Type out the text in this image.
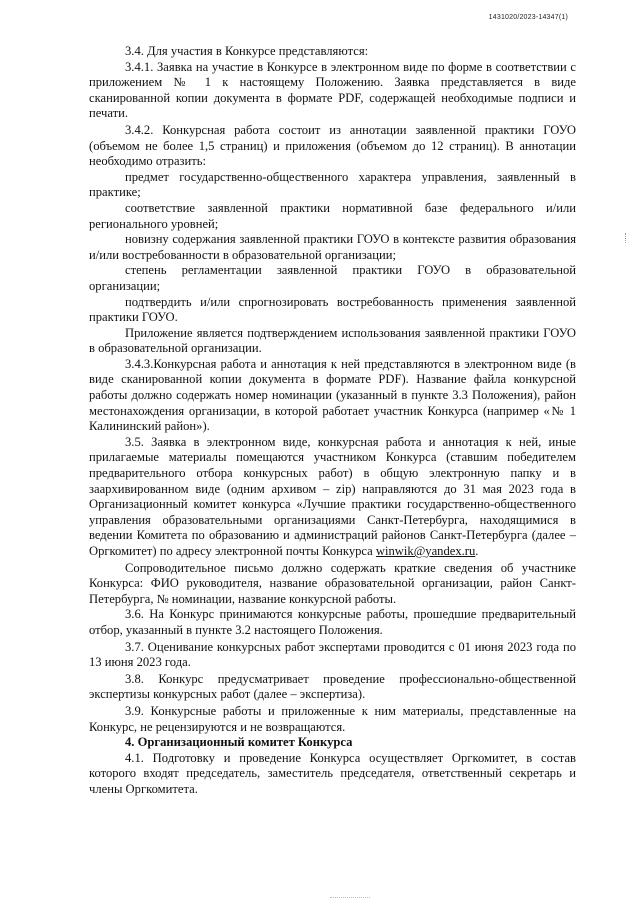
1431020/2023-14347(1)

3.4. Для участия в Конкурсе представляются:

3.4.1. Заявка на участие в Конкурсе в электронном виде по форме в соответствии с приложением № 1 к настоящему Положению. Заявка представляется в виде сканированной копии документа в формате PDF, содержащей необходимые подписи и печати.

3.4.2. Конкурсная работа состоит из аннотации заявленной практики ГОУО (объемом не более 1,5 страниц) и приложения (объемом до 12 страниц). В аннотации необходимо отразить:

предмет государственно-общественного характера управления, заявленный в практике;

соответствие заявленной практики нормативной базе федерального и/или регионального уровней;

новизну содержания заявленной практики ГОУО в контексте развития образования и/или востребованности в образовательной организации;

степень регламентации заявленной практики ГОУО в образовательной организации;

подтвердить и/или спрогнозировать востребованность применения заявленной практики ГОУО.

Приложение является подтверждением использования заявленной практики ГОУО в образовательной организации.

3.4.3.Конкурсная работа и аннотация к ней представляются в электронном виде (в виде сканированной копии документа в формате PDF). Название файла конкурсной работы должно содержать номер номинации (указанный в пункте 3.3 Положения), район местонахождения организации, в которой работает участник Конкурса (например «№ 1 Калининский район»).

3.5. Заявка в электронном виде, конкурсная работа и аннотация к ней, иные прилагаемые материалы помещаются участником Конкурса (ставшим победителем предварительного отбора конкурсных работ) в общую электронную папку и в заархивированном виде (одним архивом – zip) направляются до 31 мая 2023 года в Организационный комитет конкурса «Лучшие практики государственно-общественного управления образовательными организациями Санкт-Петербурга, находящимися в ведении Комитета по образованию и администраций районов Санкт-Петербурга (далее – Оргкомитет) по адресу электронной почты Конкурса winwik@yandex.ru.

Сопроводительное письмо должно содержать краткие сведения об участнике Конкурса: ФИО руководителя, название образовательной организации, район Санкт-Петербурга, № номинации, название конкурсной работы.

3.6. На Конкурс принимаются конкурсные работы, прошедшие предварительный отбор, указанный в пункте 3.2 настоящего Положения.

3.7. Оценивание конкурсных работ экспертами проводится с 01 июня 2023 года по 13 июня 2023 года.

3.8. Конкурс предусматривает проведение профессионально-общественной экспертизы конкурсных работ (далее – экспертиза).

3.9. Конкурсные работы и приложенные к ним материалы, представленные на Конкурс, не рецензируются и не возвращаются.

4. Организационный комитет Конкурса

4.1. Подготовку и проведение Конкурса осуществляет Оргкомитет, в состав которого входят председатель, заместитель председателя, ответственный секретарь и члены Оргкомитета.
